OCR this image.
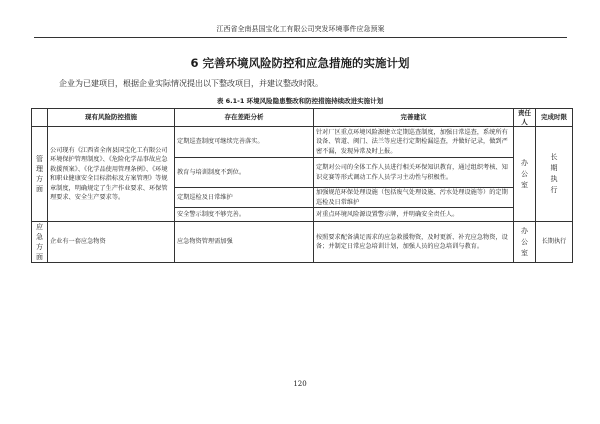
江西省全南县国宝化工有限公司突发环境事件应急预案
6 完善环境风险防控和应急措施的实施计划
企业为已建项目，根据企业实际情况提出以下整改项目，并建议整改时限。
表 6.1-1 环境风险隐患整改和防控措施持续改进实施计划
	现有风险防控措施	存在差距分析	完善建议	责任人	完成时限

管理方面	公司现有《江西省全南县国宝化工有限公司环境保护管理制度》、《危险化学品事故应急救援预案》、《化学品使用管理条例》、《环境和职业健康安全目标指标及方案管理》等规章制度，明确规定了生产作业要求、环保管理要求、安全生产要求等。	定期巡查制度可继续完善落实。	针对厂区重点环境风险源建立定期巡查制度，加强日常巡查，系统所有设备、管道、阀门、法兰等应进行定期检漏巡查，并做好记录，做到严密不漏，发现异常及时上报。	办公室	长期执行

		教育与培训制度不到位。	定期对公司的全体工作人员进行相关环保知识教育，通过组织考核、知识竞赛等形式调动工作人员学习主动性与积极性。		
		定期巡检及日常维护	加强规范环保处理设施（包括废气处理设施、污水处理设施等）的定期巡检及日常维护		
		安全警示制度不够完善。	对重点环境风险源设置警示牌，并明确安全责任人。		

应急方面	企业有一套应急物资	应急物资管理需加强	按照要求配备满足需求的应急救援物资，及时更新、补充应急物资，设备；并制定日常应急培训计划，加强人员的应急培训与教育。	办公室	长期执行
120
